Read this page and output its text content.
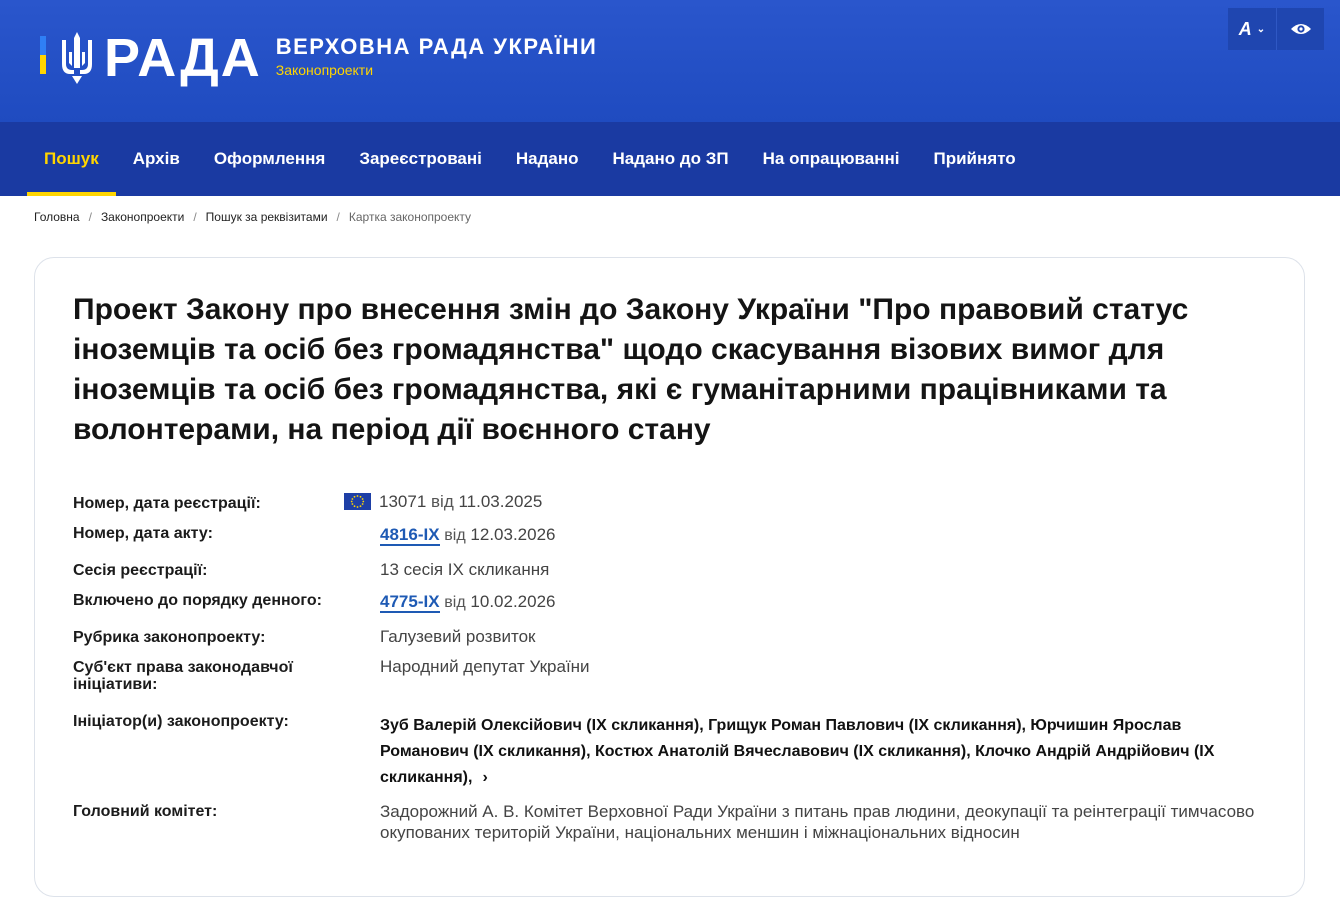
РАДА ВЕРХОВНА РАДА УКРАЇНИ
Законопроекти
A ⌄
Пошук	Архів	Оформлення	Зареєстровані	Надано	Надано до ЗП	На опрацюванні	Прийнято
Головна / Законопроекти / Пошук за реквізитами / Картка законопроекту
Проект Закону про внесення змін до Закону України "Про правовий статус іноземців та осіб без громадянства" щодо скасування візових вимог для іноземців та осіб без громадянства, які є гуманітарними працівниками та волонтерами, на період дії воєнного стану
Номер, дата реєстрації:	13071 від 11.03.2025
Номер, дата акту:	4816-IX від 12.03.2026
Сесія реєстрації:	13 сесія IX скликання
Включено до порядку денного:	4775-IX від 10.02.2026
Рубрика законопроекту:	Галузевий розвиток
Суб'єкт права законодавчої ініціативи:
Народний депутат України
Ініціатор(и) законопроекту:	Зуб Валерій Олексійович (IX скликання), Грищук Роман Павлович (IX скликання), Юрчишин Ярослав Романович (IX скликання), Костюх Анатолій Вячеславович (IX скликання), Клочко Андрій Андрійович (IX скликання), ›
Головний комітет:	Задорожний А. В. Комітет Верховної Ради України з питань прав людини, деокупації та реінтеграції тимчасово окупованих територій України, національних меншин і міжнаціональних відносин
